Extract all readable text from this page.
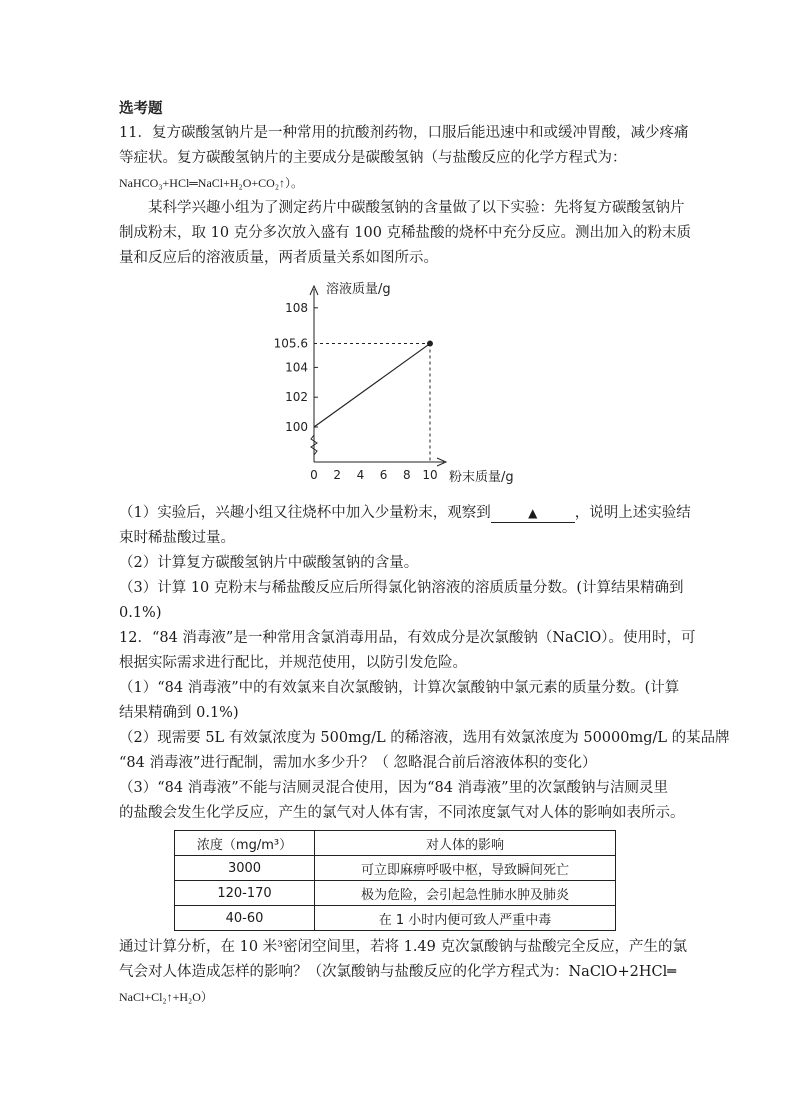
选考题
11．复方碳酸氢钠片是一种常用的抗酸剂药物，口服后能迅速中和或缓冲胃酸，减少疼痛
等症状。复方碳酸氢钠片的主要成分是碳酸氢钠（与盐酸反应的化学方程式为：
NaHCO₃+HCl═NaCl+H₂O+CO₂↑）。
某科学兴趣小组为了测定药片中碳酸氢钠的含量做了以下实验：先将复方碳酸氢钠片
制成粉末，取 10 克分多次放入盛有 100 克稀盐酸的烧杯中充分反应。测出加入的粉末质
量和反应后的溶液质量，两者质量关系如图所示。
100
102
104
105.6
108
0 2 4 6 8 10
溶液质量/g
粉末质量/g
（1）实验后，兴趣小组又往烧杯中加入少量粉末，观察到	▲	，说明上述实验结
束时稀盐酸过量。
（2）计算复方碳酸氢钠片中碳酸氢钠的含量。
（3）计算 10 克粉末与稀盐酸反应后所得氯化钠溶液的溶质质量分数。(计算结果精确到
0.1%)
12．“84 消毒液”是一种常用含氯消毒用品，有效成分是次氯酸钠（NaClO）。使用时，可
根据实际需求进行配比，并规范使用，以防引发危险。
（1）“84 消毒液”中的有效氯来自次氯酸钠，计算次氯酸钠中氯元素的质量分数。(计算
结果精确到 0.1%)
（2）现需要 5L 有效氯浓度为 500mg/L 的稀溶液，选用有效氯浓度为 50000mg/L 的某品牌
“84 消毒液”进行配制，需加水多少升？（ 忽略混合前后溶液体积的变化）
（3）“84 消毒液”不能与洁厕灵混合使用，因为“84 消毒液”里的次氯酸钠与洁厕灵里
的盐酸会发生化学反应，产生的氯气对人体有害，不同浓度氯气对人体的影响如表所示。
浓度（mg/m³）	对人体的影响
3000	可立即麻痹呼吸中枢，导致瞬间死亡
120-170	极为危险，会引起急性肺水肿及肺炎
40-60	在 1 小时内便可致人严重中毒
通过计算分析，在 10 米³密闭空间里，若将 1.49 克次氯酸钠与盐酸完全反应，产生的氯
气会对人体造成怎样的影响？（次氯酸钠与盐酸反应的化学方程式为：NaClO+2HCl═
NaCl+Cl₂↑+H₂O）
